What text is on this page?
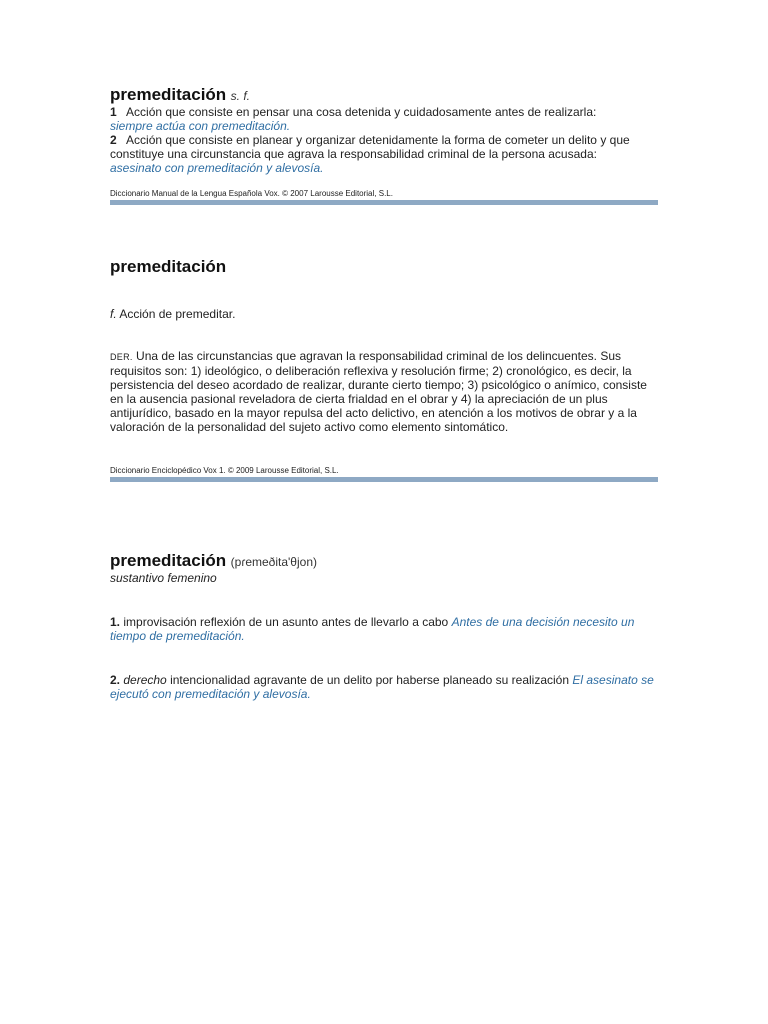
premeditación s. f.
1 Acción que consiste en pensar una cosa detenida y cuidadosamente antes de realizarla:
siempre actúa con premeditación.
2 Acción que consiste en planear y organizar detenidamente la forma de cometer un delito y que constituye una circunstancia que agrava la responsabilidad criminal de la persona acusada:
asesinato con premeditación y alevosía.
Diccionario Manual de la Lengua Española Vox. © 2007 Larousse Editorial, S.L.
premeditación
f. Acción de premeditar.
DER. Una de las circunstancias que agravan la responsabilidad criminal de los delincuentes. Sus requisitos son: 1) ideológico, o deliberación reflexiva y resolución firme; 2) cronológico, es decir, la persistencia del deseo acordado de realizar, durante cierto tiempo; 3) psicológico o anímico, consiste en la ausencia pasional reveladora de cierta frialdad en el obrar y 4) la apreciación de un plus antijurídico, basado en la mayor repulsa del acto delictivo, en atención a los motivos de obrar y a la valoración de la personalidad del sujeto activo como elemento sintomático.
Diccionario Enciclopédico Vox 1. © 2009 Larousse Editorial, S.L.
premeditación (pɾemeðita'θjon)
sustantivo femenino
1. improvisación reflexión de un asunto antes de llevarlo a cabo Antes de una decisión necesito un tiempo de premeditación.
2. derecho intencionalidad agravante de un delito por haberse planeado su realización El asesinato se ejecutó con premeditación y alevosía.
